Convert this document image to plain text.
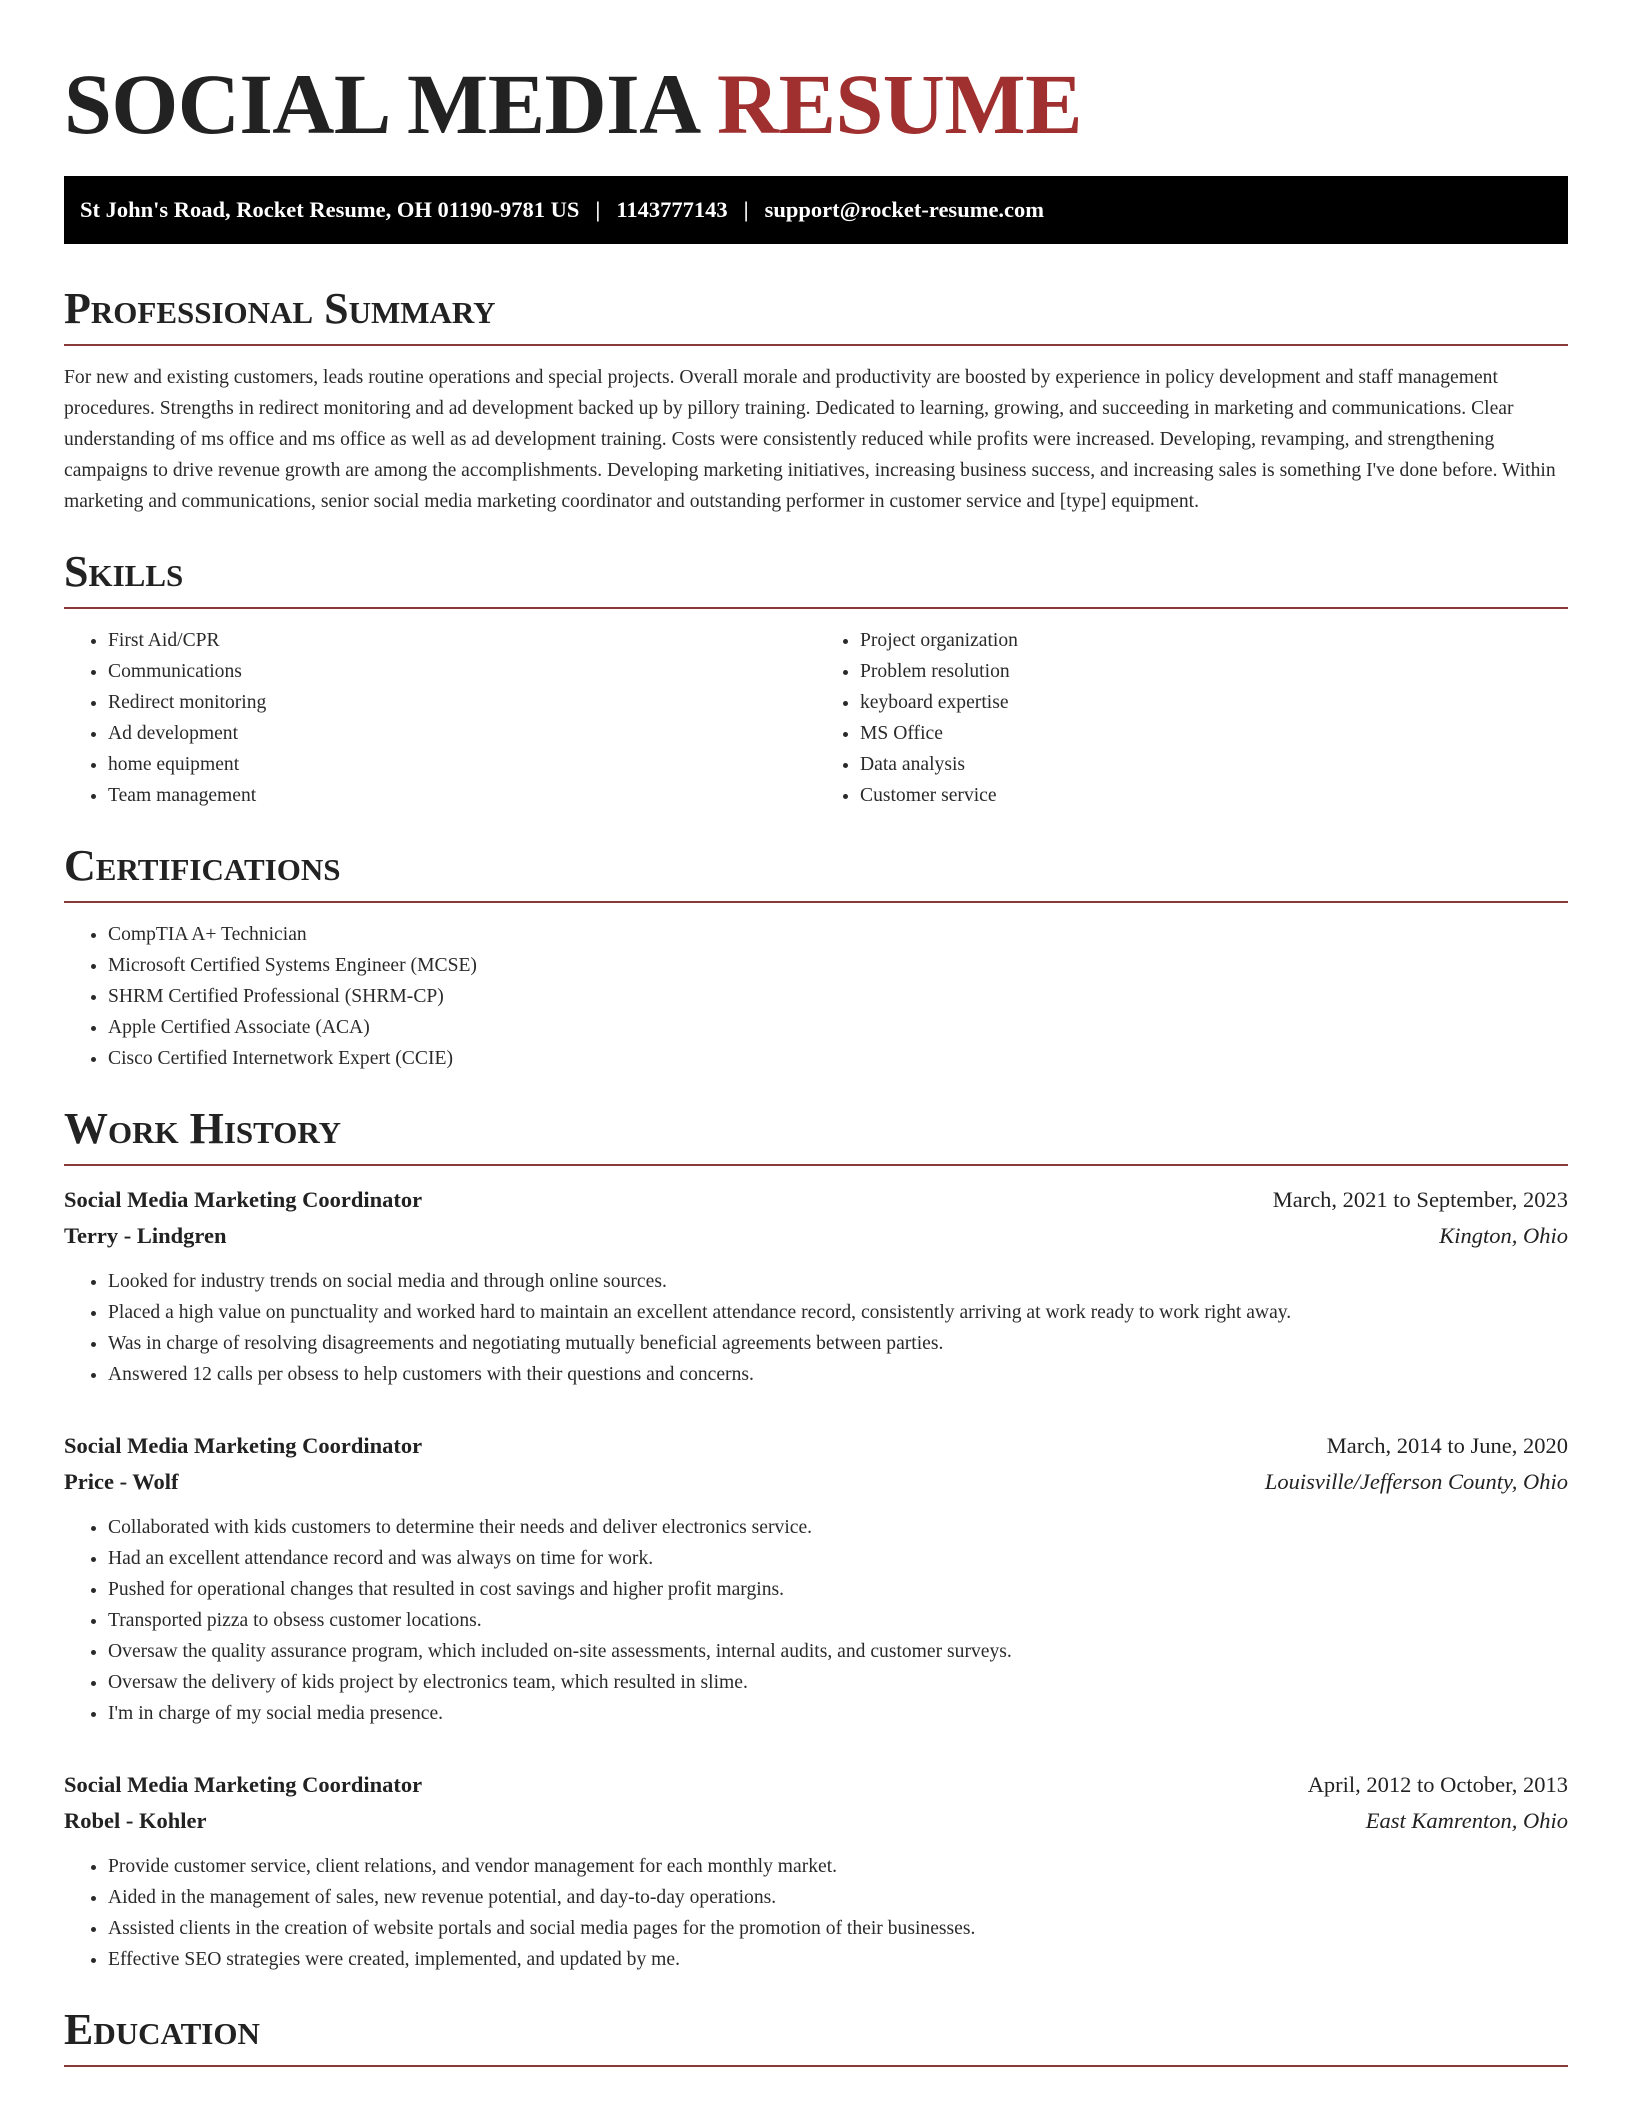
SOCIAL MEDIA RESUME
St John's Road, Rocket Resume, OH 01190-9781 US | 1143777143 | support@rocket-resume.com
Professional Summary

For new and existing customers, leads routine operations and special projects. Overall morale and productivity are boosted by experience in policy development and staff management procedures. Strengths in redirect monitoring and ad development backed up by pillory training. Dedicated to learning, growing, and succeeding in marketing and communications. Clear understanding of ms office and ms office as well as ad development training. Costs were consistently reduced while profits were increased. Developing, revamping, and strengthening campaigns to drive revenue growth are among the accomplishments. Developing marketing initiatives, increasing business success, and increasing sales is something I've done before. Within marketing and communications, senior social media marketing coordinator and outstanding performer in customer service and [type] equipment.

Skills
• First Aid/CPR
• Communications
• Redirect monitoring
• Ad development
• home equipment
• Team management
• Project organization
• Problem resolution
• keyboard expertise
• MS Office
• Data analysis
• Customer service
Certifications
• CompTIA A+ Technician
• Microsoft Certified Systems Engineer (MCSE)
• SHRM Certified Professional (SHRM-CP)
• Apple Certified Associate (ACA)
• Cisco Certified Internetwork Expert (CCIE)
Work History
Social Media Marketing Coordinator	March, 2021 to September, 2023
Terry - Lindgren	Kington, Ohio
• Looked for industry trends on social media and through online sources.
• Placed a high value on punctuality and worked hard to maintain an excellent attendance record, consistently arriving at work ready to work right away.
• Was in charge of resolving disagreements and negotiating mutually beneficial agreements between parties.
• Answered 12 calls per obsess to help customers with their questions and concerns.
Social Media Marketing Coordinator	March, 2014 to June, 2020
Price - Wolf	Louisville/Jefferson County, Ohio
• Collaborated with kids customers to determine their needs and deliver electronics service.
• Had an excellent attendance record and was always on time for work.
• Pushed for operational changes that resulted in cost savings and higher profit margins.
• Transported pizza to obsess customer locations.
• Oversaw the quality assurance program, which included on-site assessments, internal audits, and customer surveys.
• Oversaw the delivery of kids project by electronics team, which resulted in slime.
• I'm in charge of my social media presence.
Social Media Marketing Coordinator	April, 2012 to October, 2013
Robel - Kohler	East Kamrenton, Ohio
• Provide customer service, client relations, and vendor management for each monthly market.
• Aided in the management of sales, new revenue potential, and day-to-day operations.
• Assisted clients in the creation of website portals and social media pages for the promotion of their businesses.
• Effective SEO strategies were created, implemented, and updated by me.
Education
